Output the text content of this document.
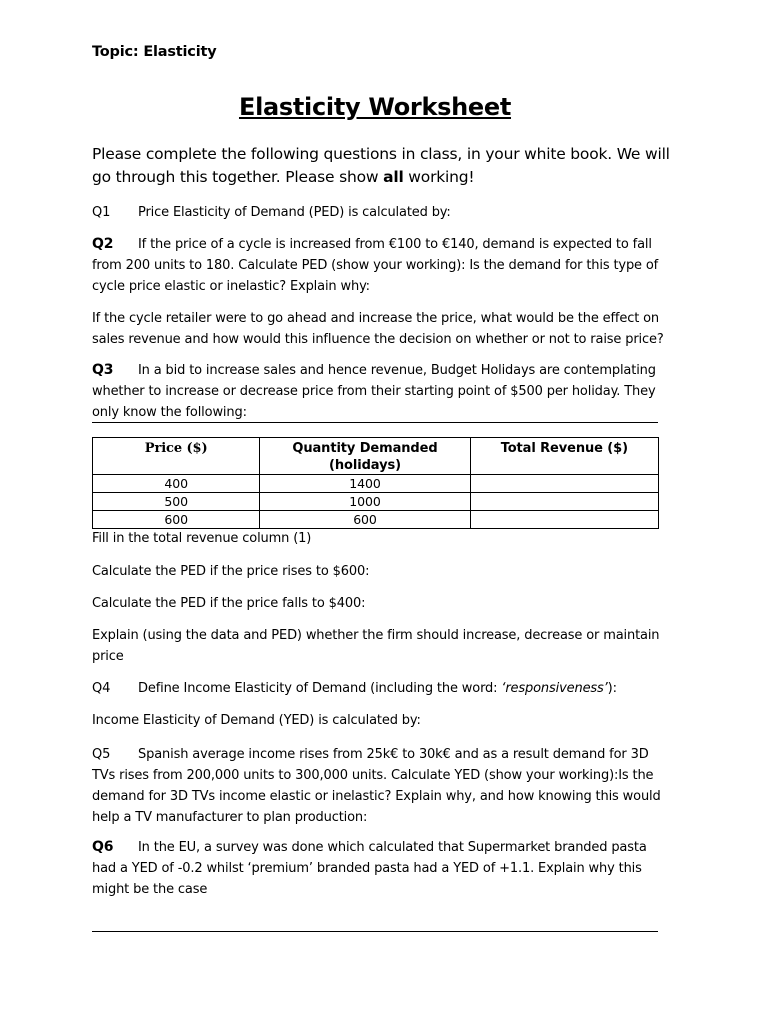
Topic: Elasticity
Elasticity Worksheet
Please complete the following questions in class, in your white book. We will go through this together. Please show all working!
Q1 Price Elasticity of Demand (PED) is calculated by:
Q2 If the price of a cycle is increased from €100 to €140, demand is expected to fall from 200 units to 180. Calculate PED (show your working): Is the demand for this type of cycle price elastic or inelastic? Explain why:
If the cycle retailer were to go ahead and increase the price, what would be the effect on sales revenue and how would this influence the decision on whether or not to raise price?
Q3 In a bid to increase sales and hence revenue, Budget Holidays are contemplating whether to increase or decrease price from their starting point of $500 per holiday. They only know the following:
Price ($)	Quantity Demanded (holidays)	Total Revenue ($)
400	1400	
500	1000	
600	600	
Fill in the total revenue column (1)
Calculate the PED if the price rises to $600:
Calculate the PED if the price falls to $400:
Explain (using the data and PED) whether the firm should increase, decrease or maintain price
Q4 Define Income Elasticity of Demand (including the word: ‘responsiveness’):
Income Elasticity of Demand (YED) is calculated by:
Q5 Spanish average income rises from 25k€ to 30k€ and as a result demand for 3D TVs rises from 200,000 units to 300,000 units. Calculate YED (show your working):Is the demand for 3D TVs income elastic or inelastic? Explain why, and how knowing this would help a TV manufacturer to plan production:
Q6 In the EU, a survey was done which calculated that Supermarket branded pasta had a YED of -0.2 whilst ‘premium’ branded pasta had a YED of +1.1. Explain why this might be the case
